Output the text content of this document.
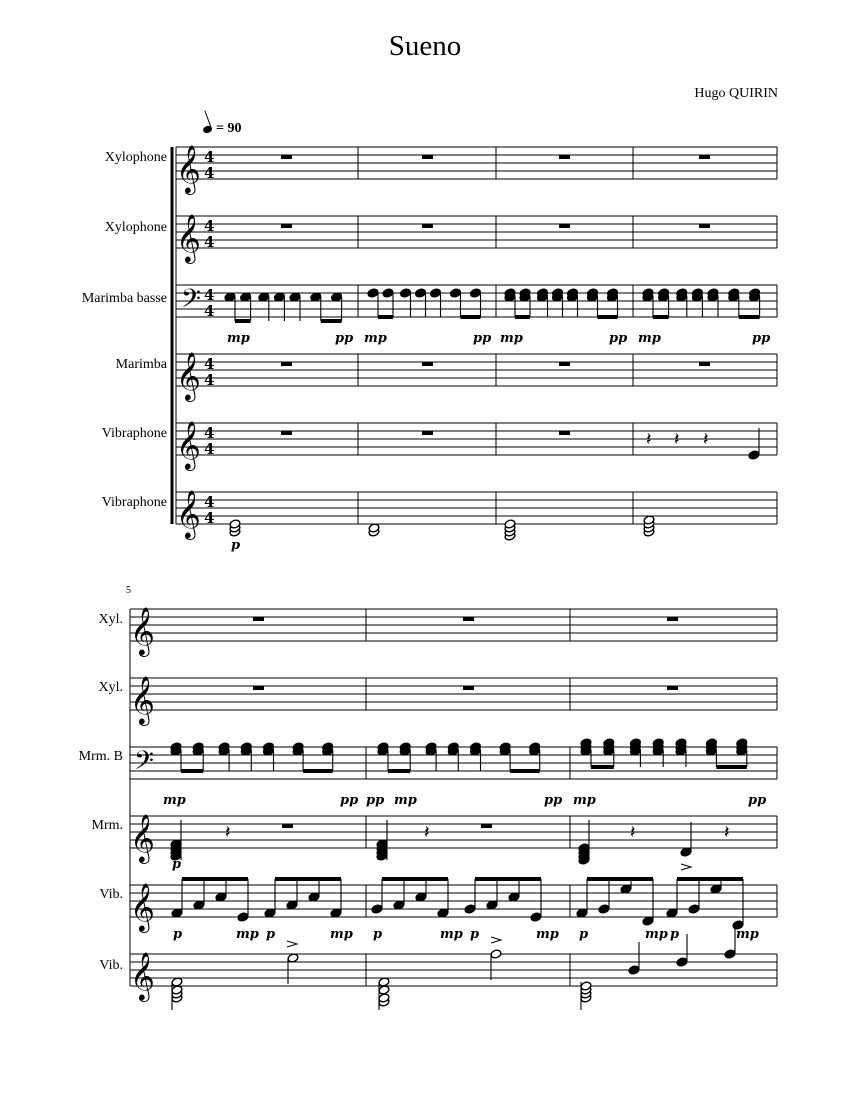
Sueno
Hugo QUIRIN
= 90
Xylophone
Xylophone
Marimba basse
Marimba
Vibraphone
Vibraphone
Xyl.
Xyl.
Mrm. B
Mrm.
Vib.
Vib.
5
𝄞 4
4
𝄞 4
4
𝄢 4
4
𝄞 4
4
𝄞 4
4
𝄞 4
4
𝄽 𝄽 𝄽
𝄞
𝄞
𝄢
𝄞
𝄞
𝄞
𝄽	𝄽	𝄽	𝄽
mp	pp mp	pp mp	pp mp	pp
p
mp	pp pp mp	pp mp	pp
p
p	mp p	mp p	mp p	mp p	mp p	mp
